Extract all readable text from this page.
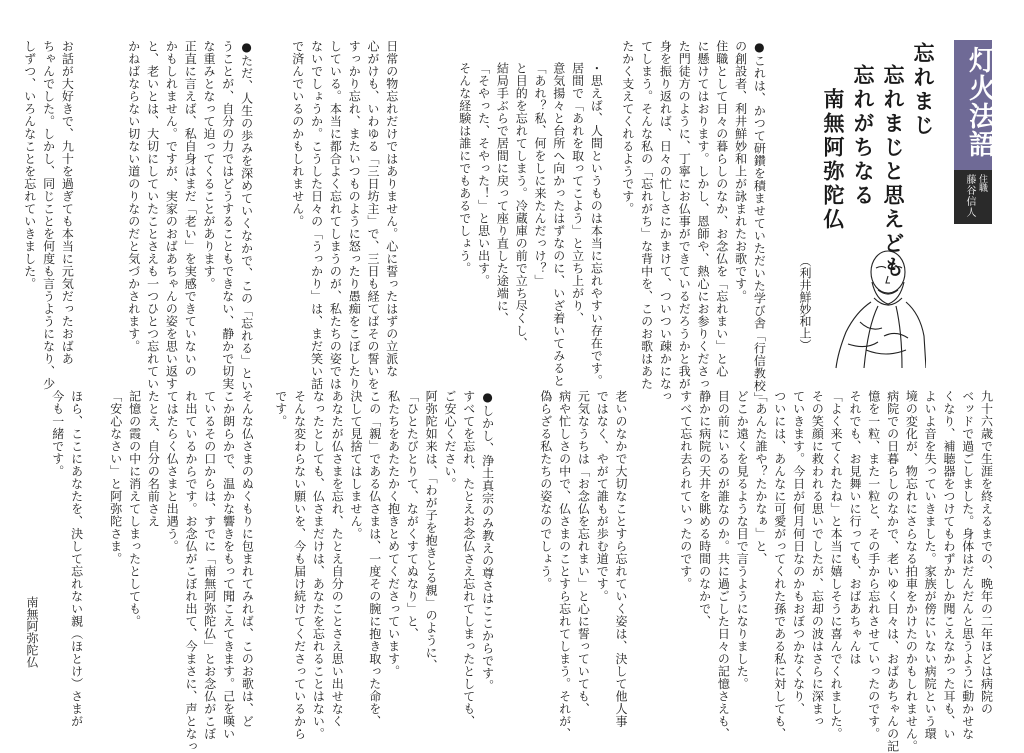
灯火法語
住職
藤谷信人
忘れまじ
忘れまじと思えども
忘れがちなる
南無阿弥陀仏
（利井鮮妙和上）
●これは、かつて研鑽を積ませていただいた学び舎「行信教校」
の創設者、利井鮮妙和上が詠まれたお歌です。
住職として日々の暮らしのなか、お念仏を「忘れまい」と心
に懸けてはおります。しかし、恩師や、熱心にお参りくださっ
た門徒方のように、丁寧にお仏事ができているだろうかと我が
身を振り返れば、日々の忙しさにかまけて、ついつい疎かになっ
てしまう。そんな私の「忘れがち」な背中を、このお歌はあた
たかく支えてくれるようです。
・思えば、人間というものは本当に忘れやすい存在です。
居間で「あれを取ってこよう」と立ち上がり、
意気揚々と台所へ向かったはずなのに、いざ着いてみると
「あれ？私、何をしに来たんだっけ？」
と目的を忘れてしまう。冷蔵庫の前で立ち尽くし、
結局手ぶらで居間に戻って座り直した途端に、
「そやった、そやった！」と思い出す。
そんな経験は誰にでもあるでしょう。
日常の物忘れだけではありません。心に誓ったはずの立派な
心がけも、いわゆる「三日坊主」で、三日も経てばその誓いを
すっかり忘れ、またいつものように怒ったり愚痴をこぼしたり
している。本当に都合よく忘れてしまうのが、私たちの姿では
ないでしょうか。こうした日々の「うっかり」は、まだ笑い話
で済んでいるのかもしれません。
●ただ、人生の歩みを深めていくなかで、この「忘れる」とい
うことが、自分の力ではどうすることもできない、静かで切実
な重みとなって迫ってくることがあります。
正直に言えば、私自身はまだ「老い」を実感できていないの
かもしれません。ですが、実家のおばあちゃんの姿を思い返す
と、老いとは、大切にしていたことさえも一つひとつ忘れてい
かねばならない切ない道のりなのだと気づかされます。
お話が大好きで、九十を過ぎても本当に元気だったおばあ
ちゃんでした。しかし、同じことを何度も言うようになり、少
しずつ、いろんなことを忘れていきました。
九十六歳で生涯を終えるまでの、晩年の二年ほどは病院の
ベッドで過ごしました。身体はだんだんと思うように動かせな
くなり、補聴器をつけてもわずかしか聞こえなかった耳も、い
よいよ音を失っていきました。家族が傍にいない病院という環
境の変化が、物忘れにさらなる拍車をかけたのかもしれません。
病院での日暮らしのなかで、老いゆく日々は、おばあちゃんの記
憶を一粒、また一粒と、その手から忘れさせていったのです。
それでも、お見舞いに行っても、おばあちゃんは
「よく来てくれたね」と本当に嬉しそうに喜んでくれました。
その笑顔に救われる思いでしたが、忘却の波はさらに深まっ
ていきます。今日が何月何日なのかもおぼつかなくなり、
ついには、あんなに可愛がってくれた孫である私に対しても、
「あんた誰や？たかなぁ」と、
どこか遠くを見るような目で言うようになりました。
目の前にいるのが誰なのか。共に過ごした日々の記憶さえも、
静かに病院の天井を眺める時間のなかで、
すべて忘れ去られていったのです。
老いのなかで大切なことすら忘れていく姿は、決して他人事
ではなく、やがて誰もが歩む道です。
元気なうちは「お念仏を忘れまい」と心に誓っていても、
病や忙しさの中で、仏さまのことすら忘れてしまう。それが、
偽らざる私たちの姿なのでしょう。
●しかし、浄土真宗のみ教えの尊さはここからです。
すべてを忘れ、たとえお念仏さえ忘れてしまったとしても、
ご安心ください。
阿弥陀如来は、「わが子を抱きとる親」のように、
「ひとたびとりて、ながくすてぬなり」と、
私たちをあたたかく抱きとめてくださっています。
この「親」である仏さまは、一度その腕に抱き取った命を、
決して見捨てはしません。
あなたが仏さまを忘れ、たとえ自分のことさえ思い出せなく
なったとしても、仏さまだけは、あなたを忘れることはない。
そんな変わらない願いを、今も届け続けてくださっているから
です。
そんな仏さまのぬくもりに包まれてみれば、このお歌は、ど
こか朗らかで、温かな響きをもって聞こえてきます。己を嘆い
ているその口からは、すでに「南無阿弥陀仏」とお念仏がこぼ
れ出ているからです。お念仏がこぼれ出て、今まさに、声となっ
てはたらく仏さまと出遇う。
たとえ、自分の名前さえ
記憶の霞の中に消えてしまったとしても。
「安心なさい」と阿弥陀さま。
ほら、ここにあなたを、決して忘れない親（ほとけ）さまが
今も一緒です。
南無阿弥陀仏
